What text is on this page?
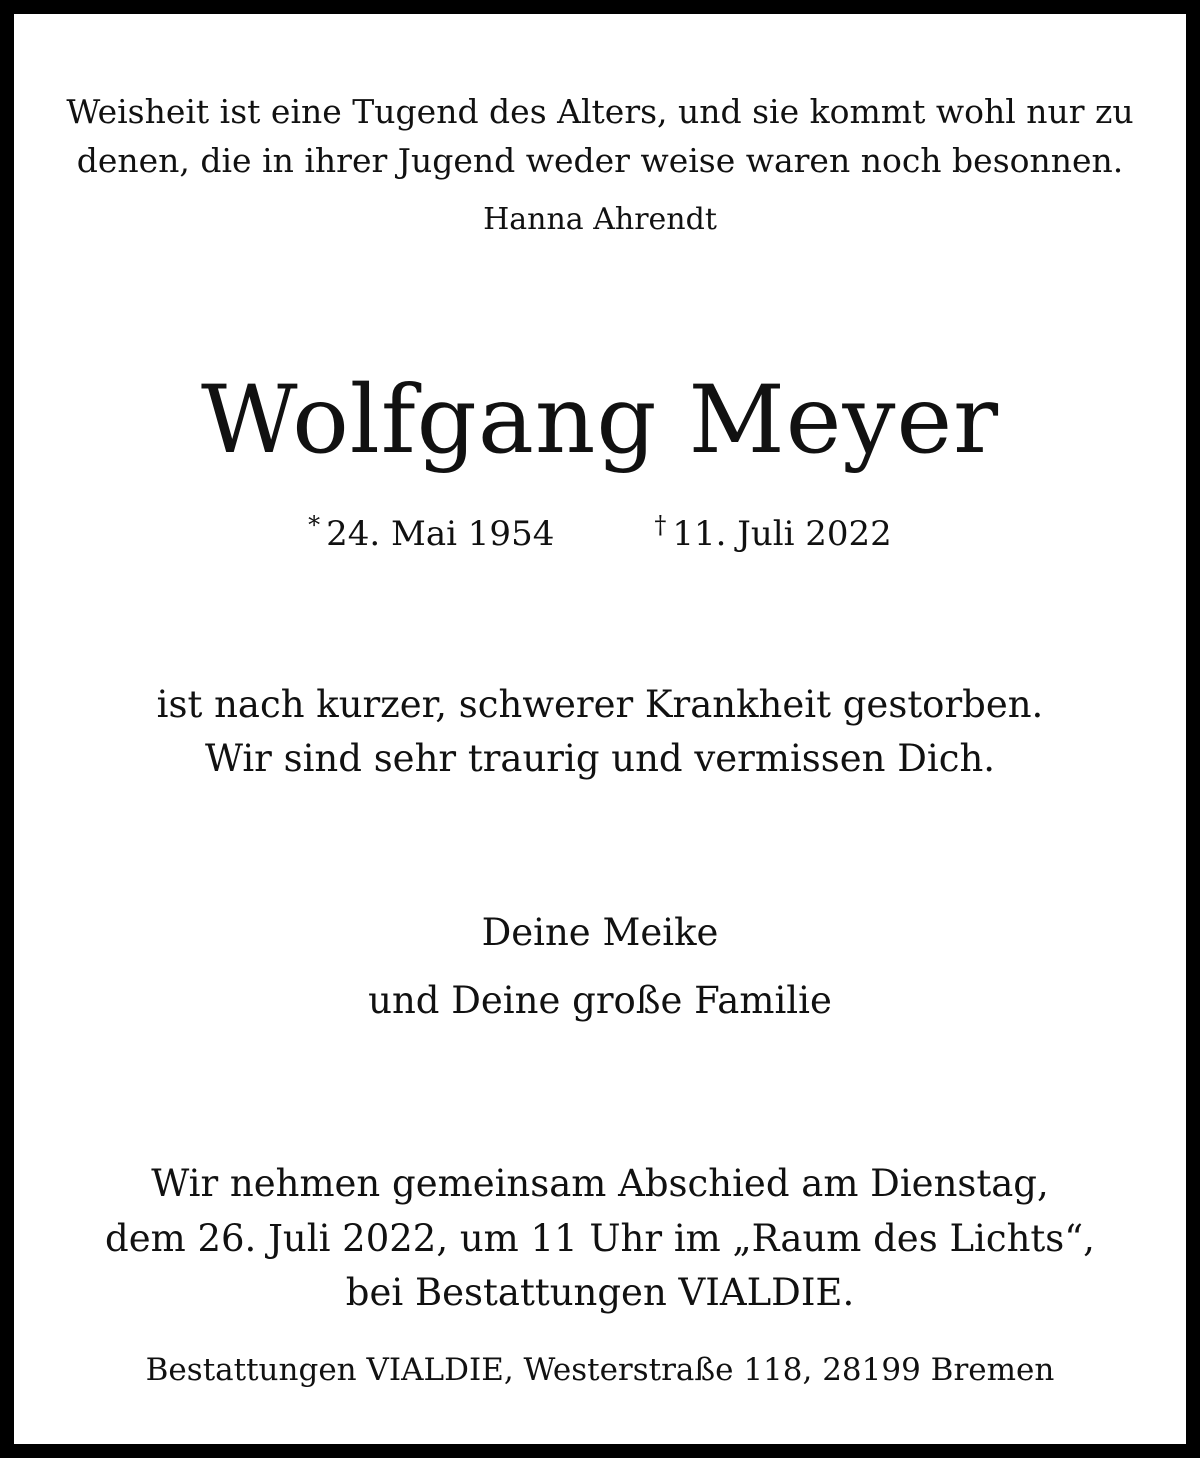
Weisheit ist eine Tugend des Alters, und sie kommt wohl nur zu

denen, die in ihrer Jugend weder weise waren noch besonnen.

Hanna Ahrendt

Wolfgang Meyer

* 24. Mai 1954	† 11. Juli 2022

ist nach kurzer, schwerer Krankheit gestorben.

Wir sind sehr traurig und vermissen Dich.

Deine Meike

und Deine große Familie

Wir nehmen gemeinsam Abschied am Dienstag,

dem 26. Juli 2022, um 11 Uhr im „Raum des Lichts“,

bei Bestattungen VIALDIE.

Bestattungen VIALDIE, Westerstraße 118, 28199 Bremen
